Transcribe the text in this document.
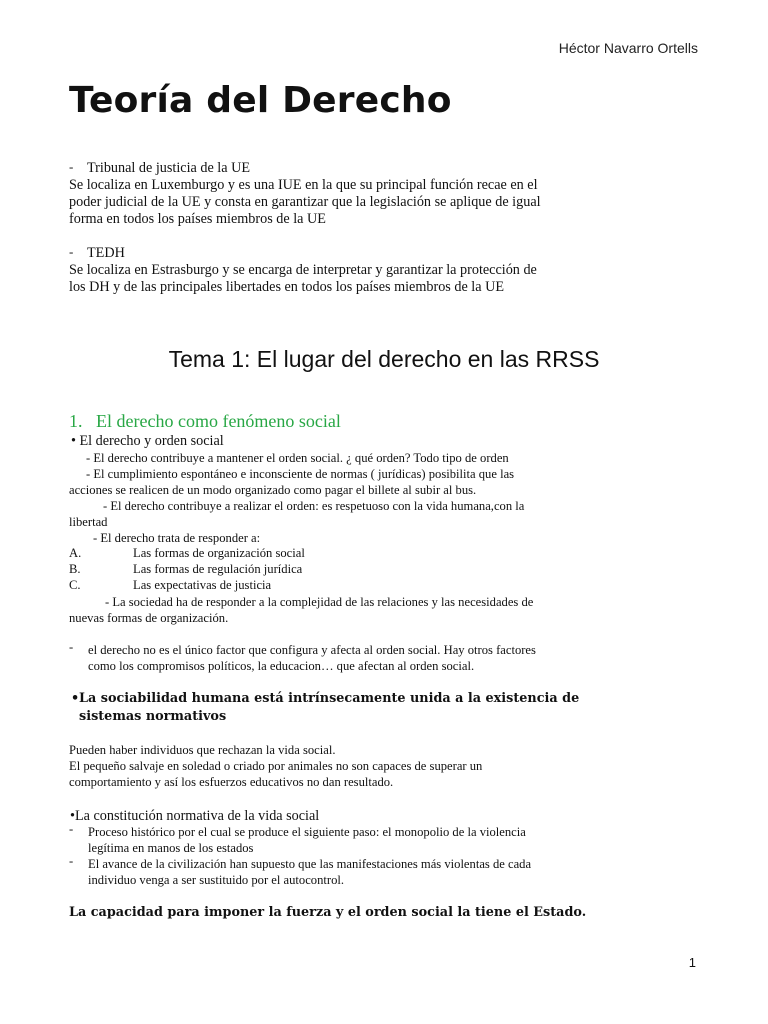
Héctor Navarro Ortells
Teoría del Derecho
- Tribunal de justicia de la UE
Se localiza en Luxemburgo y es una IUE en la que su principal función recae en el
poder judicial de la UE y consta en garantizar que la legislación se aplique de igual
forma en todos los países miembros de la UE
- TEDH
Se localiza en Estrasburgo y se encarga de interpretar y garantizar la protección de
los DH y de las principales libertades en todos los países miembros de la UE
Tema 1: El lugar del derecho en las RRSS
1. El derecho como fenómeno social
• El derecho y orden social
- El derecho contribuye a mantener el orden social. ¿ qué orden? Todo tipo de orden
- El cumplimiento espontáneo e inconsciente de normas ( jurídicas) posibilita que las
acciones se realicen de un modo organizado como pagar el billete al subir al bus.
- El derecho contribuye a realizar el orden: es respetuoso con la vida humana,con la
libertad
- El derecho trata de responder a:
A.	Las formas de organización social
B.	Las formas de regulación jurídica
C.	Las expectativas de justicia
- La sociedad ha de responder a la complejidad de las relaciones y las necesidades de
nuevas formas de organización.
- el derecho no es el único factor que configura y afecta al orden social. Hay otros factores
como los compromisos políticos, la educacion… que afectan al orden social.
• La sociabilidad humana está intrínsecamente unida a la existencia de
sistemas normativos
Pueden haber individuos que rechazan la vida social.
El pequeño salvaje en soledad o criado por animales no son capaces de superar un
comportamiento y así los esfuerzos educativos no dan resultado.
•La constitución normativa de la vida social
- Proceso histórico por el cual se produce el siguiente paso: el monopolio de la violencia
legítima en manos de los estados
- El avance de la civilización han supuesto que las manifestaciones más violentas de cada
individuo venga a ser sustituido por el autocontrol.
La capacidad para imponer la fuerza y el orden social la tiene el Estado.
1
